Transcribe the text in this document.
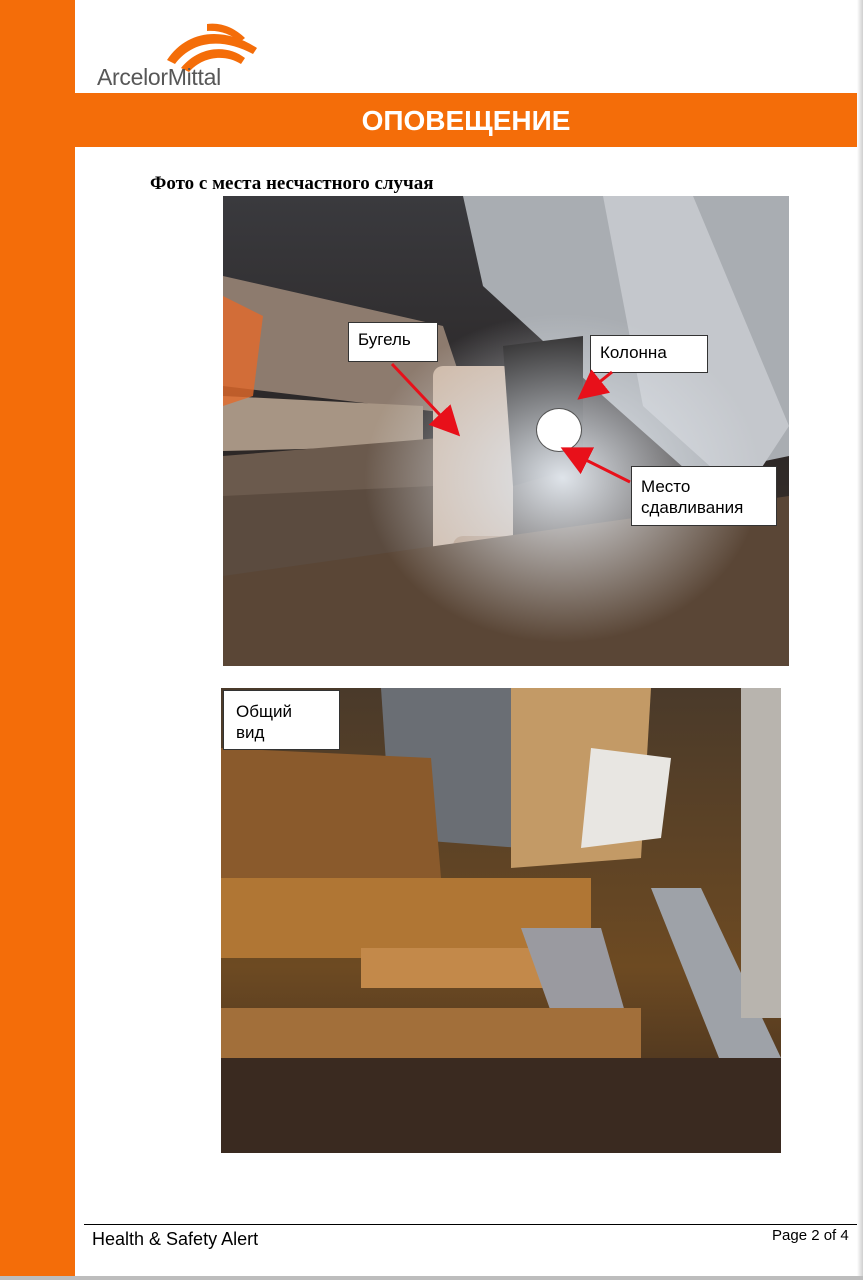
ArcelorMittal
ОПОВЕЩЕНИЕ
Фото с места несчастного случая
Бугель
Колонна
Место
сдавливания
Общий
вид
Health & Safety Alert	Page 2 of 4
